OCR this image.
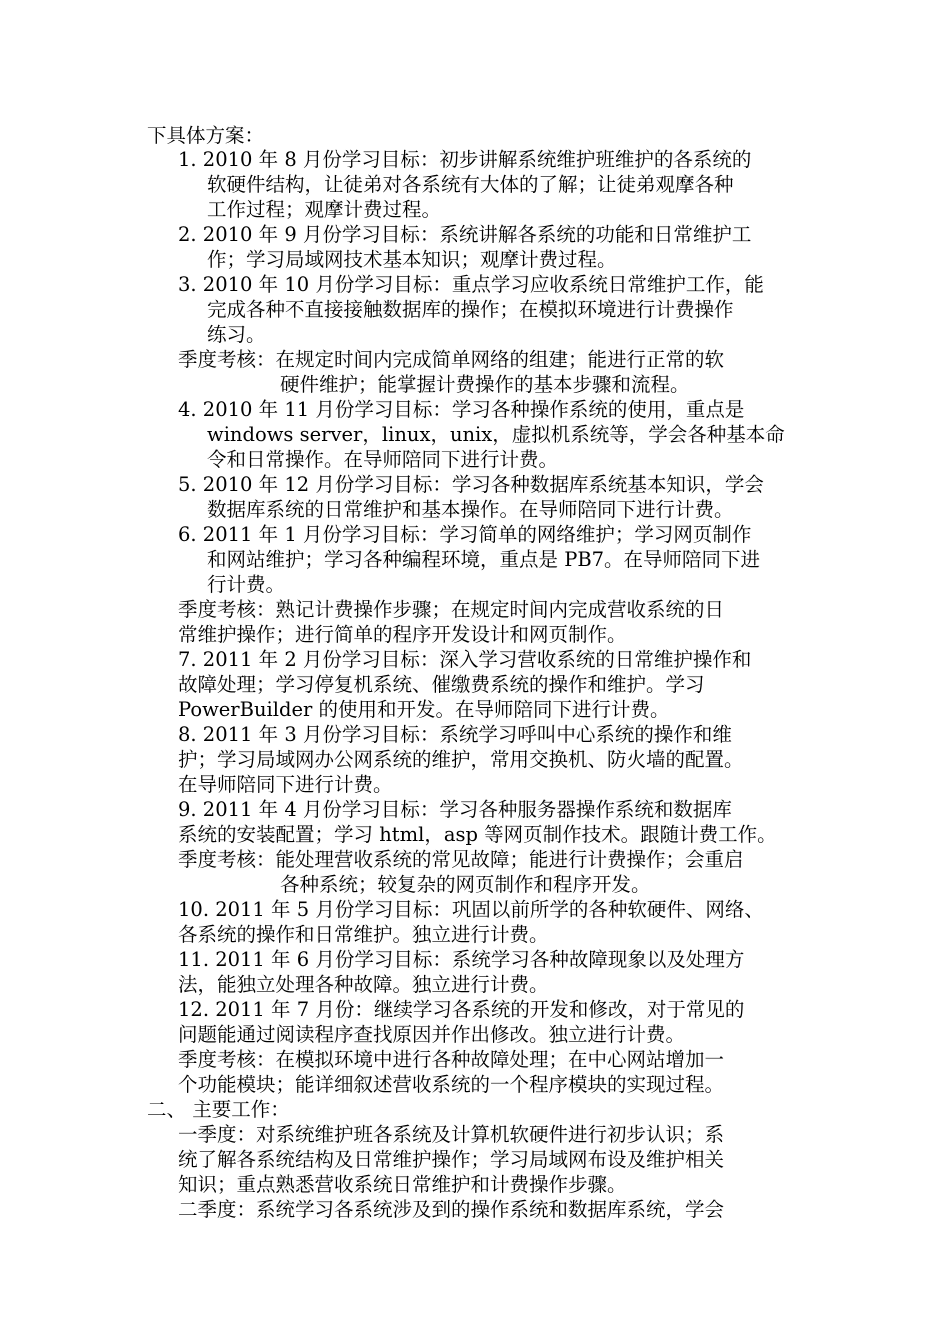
下具体方案：
1. 2010 年 8 月份学习目标：初步讲解系统维护班维护的各系统的
软硬件结构，让徒弟对各系统有大体的了解；让徒弟观摩各种
工作过程；观摩计费过程。
2. 2010 年 9 月份学习目标：系统讲解各系统的功能和日常维护工
作；学习局域网技术基本知识；观摩计费过程。
3. 2010 年 10 月份学习目标：重点学习应收系统日常维护工作，能
完成各种不直接接触数据库的操作；在模拟环境进行计费操作
练习。
季度考核：在规定时间内完成简单网络的组建；能进行正常的软
硬件维护；能掌握计费操作的基本步骤和流程。
4. 2010 年 11 月份学习目标：学习各种操作系统的使用，重点是
windows server，linux，unix，虚拟机系统等，学会各种基本命
令和日常操作。在导师陪同下进行计费。
5. 2010 年 12 月份学习目标：学习各种数据库系统基本知识，学会
数据库系统的日常维护和基本操作。在导师陪同下进行计费。
6. 2011 年 1 月份学习目标：学习简单的网络维护；学习网页制作
和网站维护；学习各种编程环境，重点是 PB7。在导师陪同下进
行计费。
季度考核：熟记计费操作步骤；在规定时间内完成营收系统的日
常维护操作；进行简单的程序开发设计和网页制作。
7. 2011 年 2 月份学习目标：深入学习营收系统的日常维护操作和
故障处理；学习停复机系统、催缴费系统的操作和维护。学习
PowerBuilder 的使用和开发。在导师陪同下进行计费。
8. 2011 年 3 月份学习目标：系统学习呼叫中心系统的操作和维
护；学习局域网办公网系统的维护，常用交换机、防火墙的配置。
在导师陪同下进行计费。
9. 2011 年 4 月份学习目标：学习各种服务器操作系统和数据库
系统的安装配置；学习 html，asp 等网页制作技术。跟随计费工作。
季度考核：能处理营收系统的常见故障；能进行计费操作；会重启
各种系统；较复杂的网页制作和程序开发。
10. 2011 年 5 月份学习目标：巩固以前所学的各种软硬件、网络、
各系统的操作和日常维护。独立进行计费。
11. 2011 年 6 月份学习目标：系统学习各种故障现象以及处理方
法，能独立处理各种故障。独立进行计费。
12. 2011 年 7 月份：继续学习各系统的开发和修改，对于常见的
问题能通过阅读程序查找原因并作出修改。独立进行计费。
季度考核：在模拟环境中进行各种故障处理；在中心网站增加一
个功能模块；能详细叙述营收系统的一个程序模块的实现过程。
二、 主要工作：
一季度：对系统维护班各系统及计算机软硬件进行初步认识；系
统了解各系统结构及日常维护操作；学习局域网布设及维护相关
知识；重点熟悉营收系统日常维护和计费操作步骤。
二季度：系统学习各系统涉及到的操作系统和数据库系统，学会
